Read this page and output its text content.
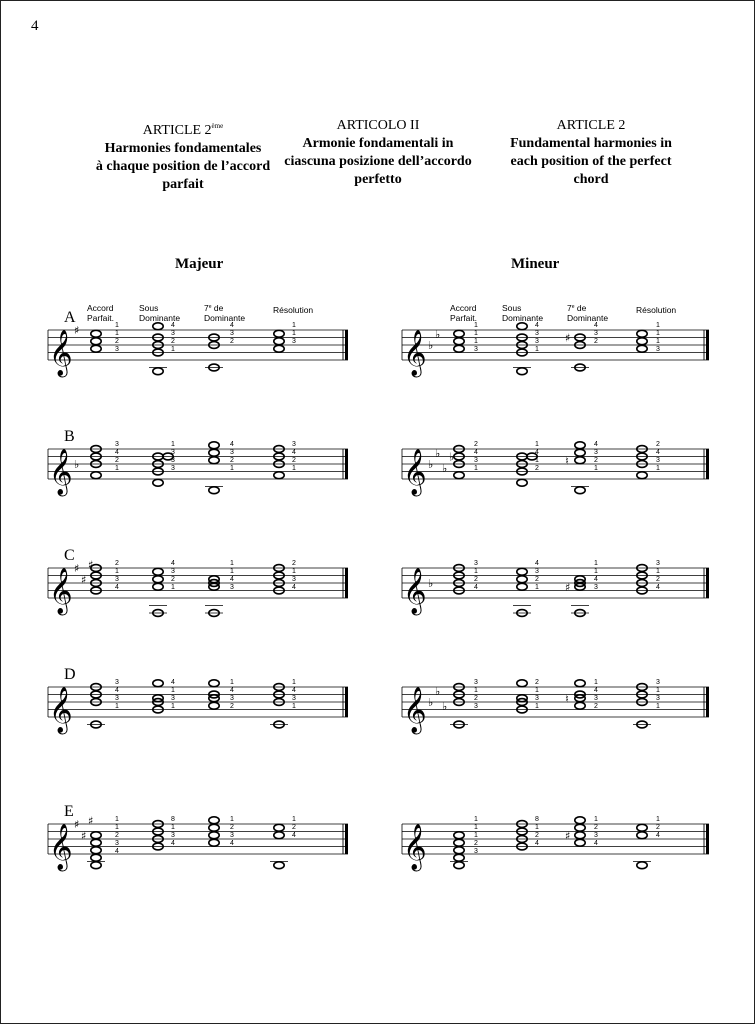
4
ARTICLE 2ème
Harmonies fondamentales
à chaque position de l’accord
parfait
ARTICOLO II
Armonie fondamentali in
ciascuna posizione dell’accordo
perfetto
ARTICLE 2
Fundamental harmonies in
each position of the perfect
chord
Majeur	Mineur
Accord
Parfait.
Sous
Dominante
7e de
Dominante
Résolution	Accord
Parfait.
Sous
Dominante
7e de
Dominante
Résolution
A
𝄞 ♯	1
1
2
3
4
3
2
1
4
3
2
1
1
3	𝄞 ♭
♭
1
1
1
3
4
3
3
1
♯
4
3
2
1
1
1
3
B
𝄞 ♭
3
4
2
1
1
3
3
3
4
3
2
1
3
4
2
1	𝄞 ♭
♭
♭
♭
2
4
3
1
1
4
1
2
♮
4
3
2
1
2
4
3
1
C
𝄞 ♯
♯
♯	2
1
3
4
4
3
2
1
1
1
4
3
2
1
3
4	𝄞 ♭
3
1
2
4
4
3
2
1 ♯
1
1
4
3
3
1
2
4
D
𝄞
3
4
3
1
4
1
3
1
1
4
3
2
1
4
3
1	𝄞 ♭
♭
♭
3
1
2
3
2
1
3
1
♮
1
4
3
2
3
1
3
1
E
𝄞 ♯
♯
♯	1
1
2
3
4
8
1
3
4
1
2
3
4
1
2
4	𝄞
1
1
1
2
3
8
1
2
4
♯
1
2
3
4
1
2
4
